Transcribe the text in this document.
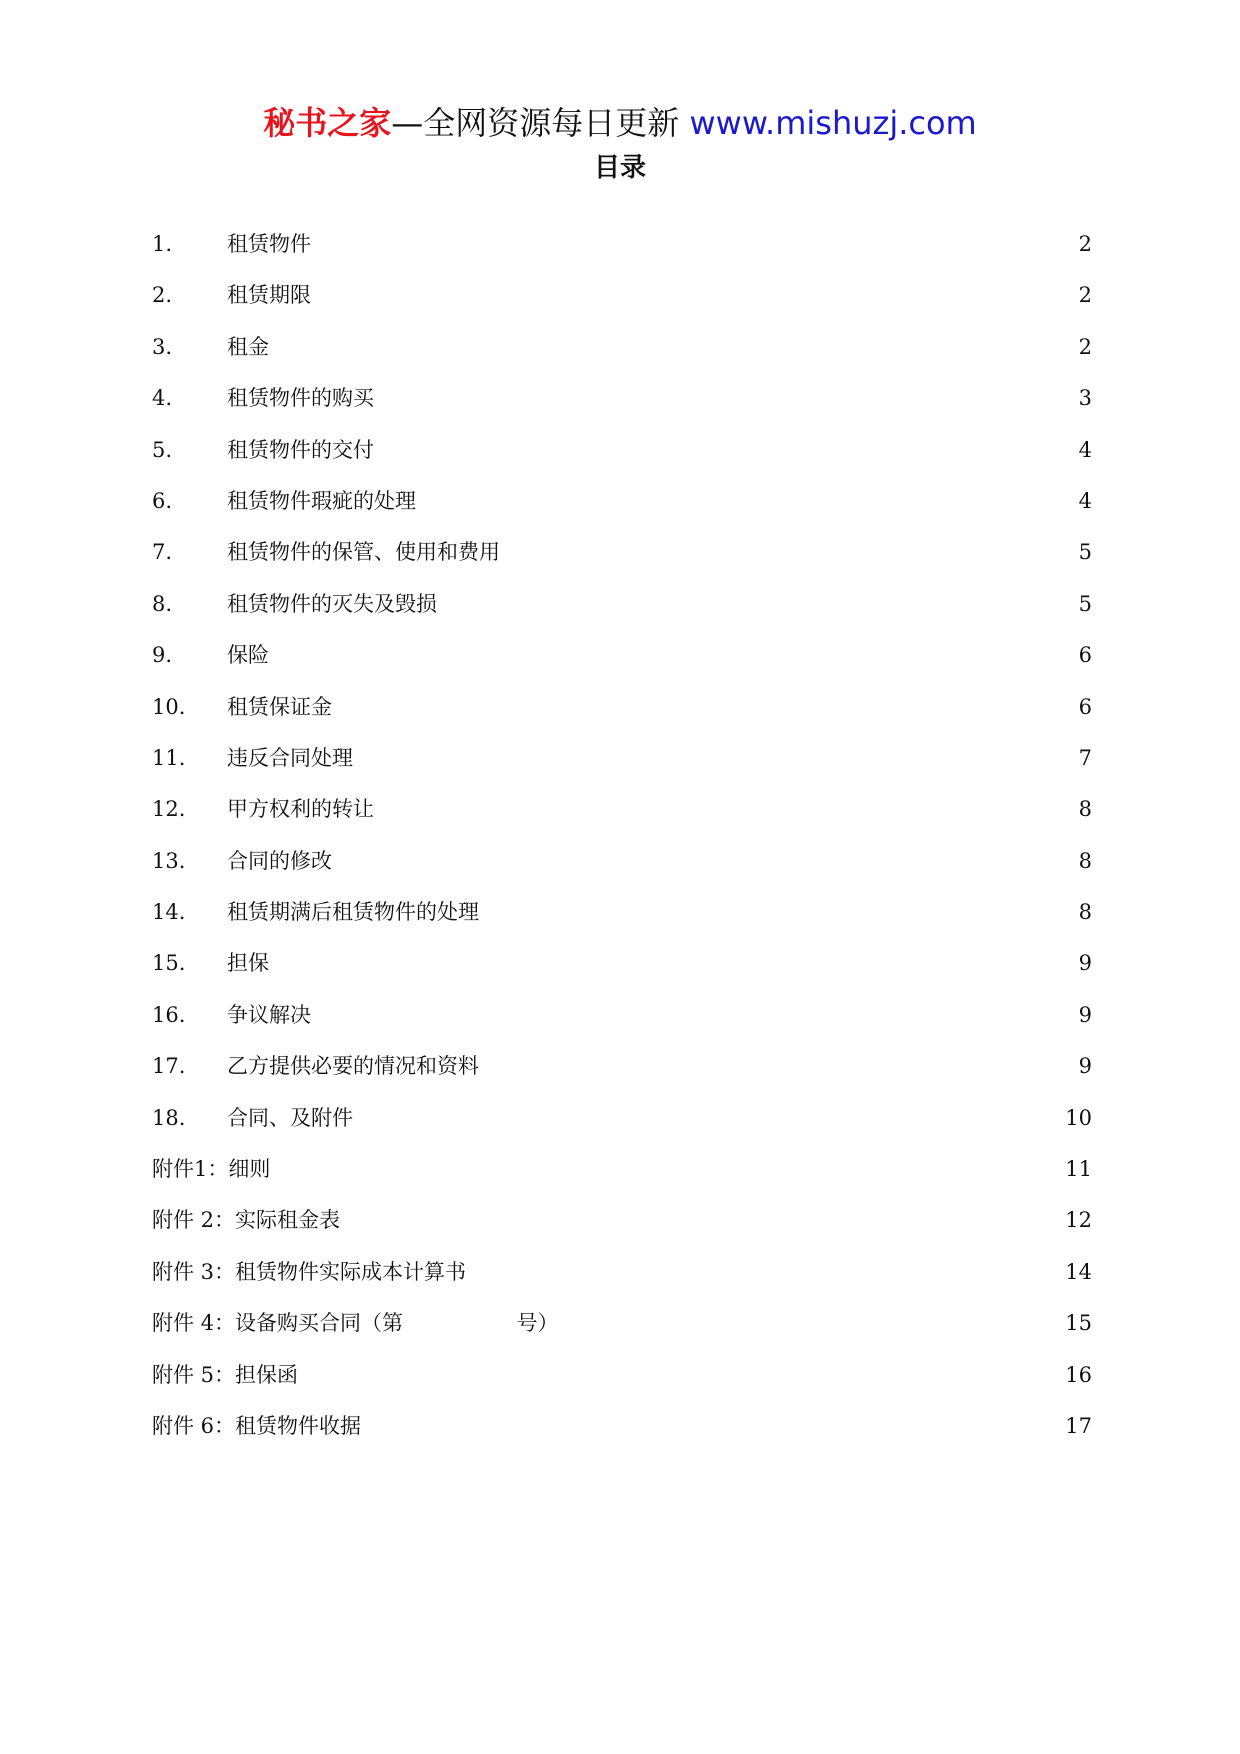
秘书之家—全网资源每日更新 www.mishuzj.com
目录
1.	租赁物件	2
2.	租赁期限	2
3.	租金	2
4.	租赁物件的购买	3
5.	租赁物件的交付	4
6.	租赁物件瑕疵的处理	4
7.	租赁物件的保管、使用和费用	5
8.	租赁物件的灭失及毁损	5
9.	保险	6
10. 租赁保证金	6
11. 违反合同处理	7
12. 甲方权利的转让	8
13. 合同的修改	8
14. 租赁期满后租赁物件的处理	8
15. 担保	9
16. 争议解决	9
17. 乙方提供必要的情况和资料	9
18. 合同、及附件	10
附件1：细则	11
附件 2：实际租金表	12
附件 3：租赁物件实际成本计算书	14
附件 4：设备购买合同（第                 号）	15
附件 5：担保函	16
附件 6：租赁物件收据	17
